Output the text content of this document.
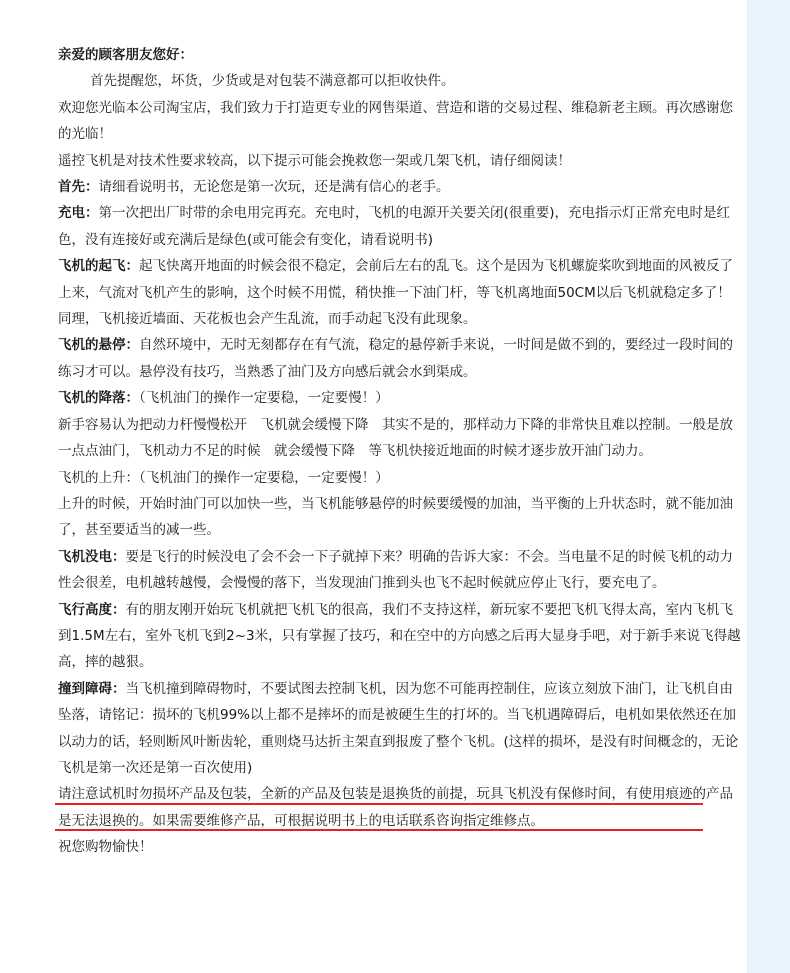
亲爱的顾客朋友您好：

首先提醒您，坏货，少货或是对包装不满意都可以拒收快件。

欢迎您光临本公司淘宝店，我们致力于打造更专业的网售渠道、营造和谐的交易过程、维稳新老主顾。再次感谢您的光临！

遥控飞机是对技术性要求较高，以下提示可能会挽救您一架或几架飞机，请仔细阅读！

首先：请细看说明书，无论您是第一次玩，还是满有信心的老手。

充电：第一次把出厂时带的余电用完再充。充电时，飞机的电源开关要关闭(很重要)，充电指示灯正常充电时是红色，没有连接好或充满后是绿色(或可能会有变化，请看说明书)

飞机的起飞：起飞快离开地面的时候会很不稳定，会前后左右的乱飞。这个是因为飞机螺旋桨吹到地面的风被反了上来，气流对飞机产生的影响，这个时候不用慌，稍快推一下油门杆，等飞机离地面50CM以后飞机就稳定多了！同理，飞机接近墙面、天花板也会产生乱流，而手动起飞没有此现象。

飞机的悬停：自然环境中，无时无刻都存在有气流，稳定的悬停新手来说，一时间是做不到的，要经过一段时间的练习才可以。悬停没有技巧，当熟悉了油门及方向感后就会水到渠成。

飞机的降落：（飞机油门的操作一定要稳，一定要慢！）

新手容易认为把动力杆慢慢松开　飞机就会缓慢下降　其实不是的，那样动力下降的非常快且难以控制。一般是放一点点油门，飞机动力不足的时候　就会缓慢下降　等飞机快接近地面的时候才逐步放开油门动力。

飞机的上升：（飞机油门的操作一定要稳，一定要慢！）

上升的时候，开始时油门可以加快一些，当飞机能够悬停的时候要缓慢的加油，当平衡的上升状态时，就不能加油了，甚至要适当的减一些。

飞机没电：要是飞行的时候没电了会不会一下子就掉下来？明确的告诉大家：不会。当电量不足的时候飞机的动力性会很差，电机越转越慢，会慢慢的落下，当发现油门推到头也飞不起时候就应停止飞行，要充电了。

飞行高度：有的朋友刚开始玩飞机就把飞机飞的很高，我们不支持这样，新玩家不要把飞机飞得太高，室内飞机飞到1.5M左右，室外飞机飞到2~3米，只有掌握了技巧，和在空中的方向感之后再大显身手吧，对于新手来说飞得越高，摔的越狠。

撞到障碍：当飞机撞到障碍物时，不要试图去控制飞机，因为您不可能再控制住，应该立刻放下油门，让飞机自由坠落，请铭记：损坏的飞机99%以上都不是摔坏的而是被硬生生的打坏的。当飞机遇障碍后，电机如果依然还在加以动力的话，轻则断风叶断齿轮，重则烧马达折主架直到报废了整个飞机。(这样的损坏，是没有时间概念的，无论飞机是第一次还是第一百次使用)

请注意试机时勿损坏产品及包装，全新的产品及包装是退换货的前提，玩具飞机没有保修时间，有使用痕迹的产品是无法退换的。如果需要维修产品，可根据说明书上的电话联系咨询指定维修点。

祝您购物愉快！
